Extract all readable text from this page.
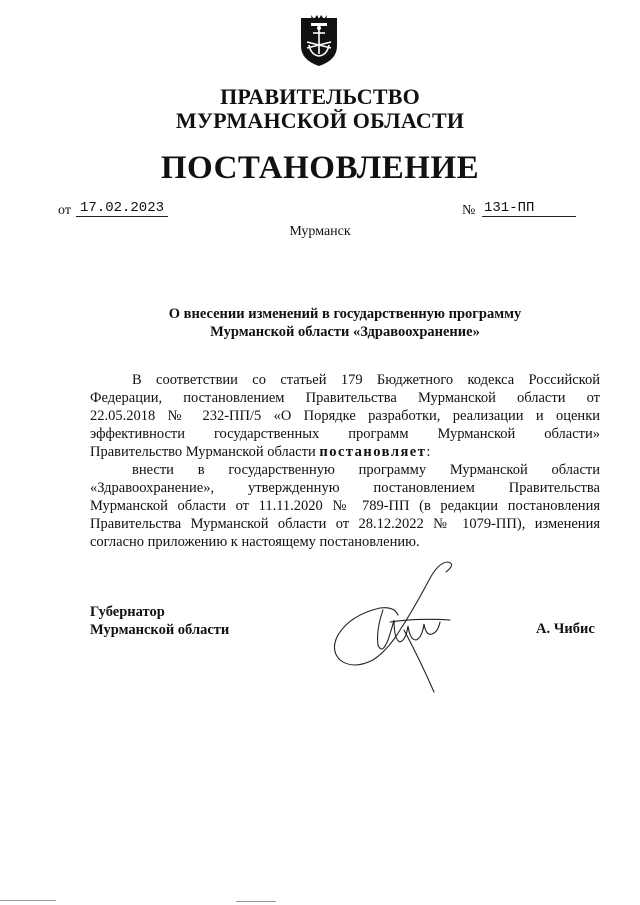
ПРАВИТЕЛЬСТВО
МУРМАНСКОЙ ОБЛАСТИ
ПОСТАНОВЛЕНИЕ
от 17.02.2023	№ 131-ПП
Мурманск
О внесении изменений в государственную программу
Мурманской области «Здравоохранение»
В соответствии со статьей 179 Бюджетного кодекса Российской
Федерации, постановлением Правительства Мурманской области от
22.05.2018 № 232-ПП/5 «О Порядке разработки, реализации и оценки
эффективности государственных программ Мурманской области»
Правительство Мурманской области постановляет:
внести в государственную программу Мурманской области
«Здравоохранение», утвержденную постановлением Правительства
Мурманской области от 11.11.2020 № 789-ПП (в редакции постановления
Правительства Мурманской области от 28.12.2022 № 1079-ПП), изменения
согласно приложению к настоящему постановлению.
Губернатор
Мурманской области	А. Чибис
